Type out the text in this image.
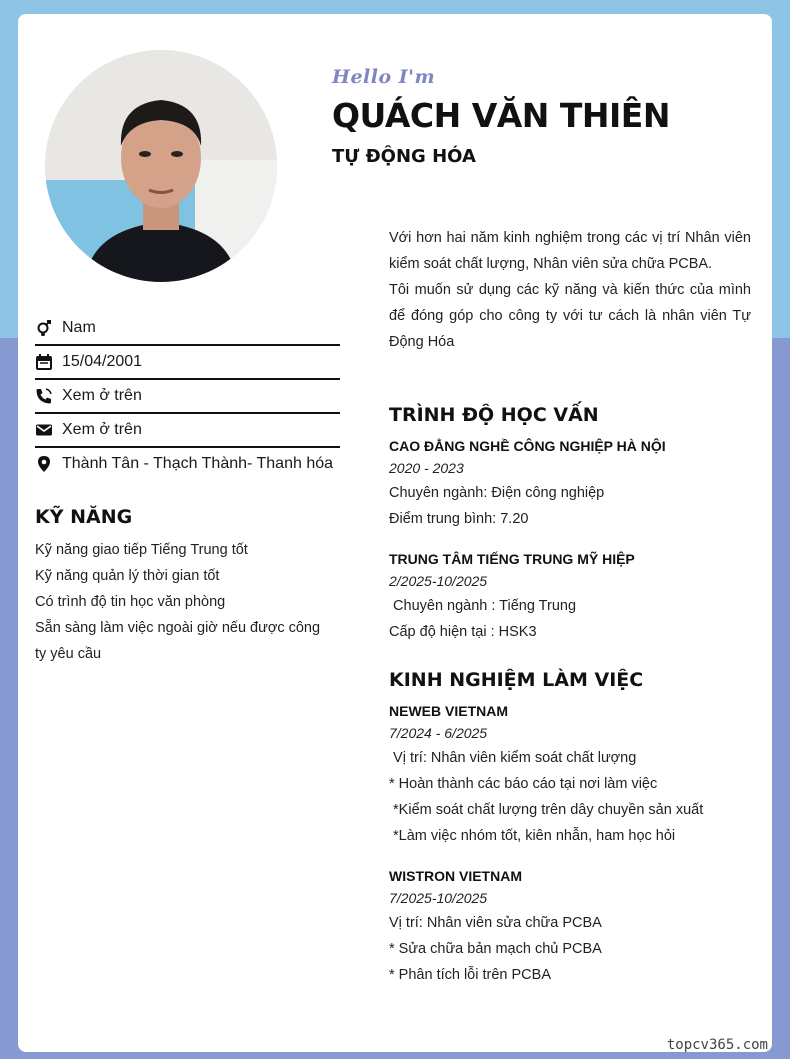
Hello I'm
QUÁCH VĂN THIÊN
TỰ ĐỘNG HÓA

Với hơn hai năm kinh nghiệm trong các vị trí Nhân viên kiểm soát chất lượng, Nhân viên sửa chữa PCBA.

Tôi muốn sử dụng các kỹ năng và kiến thức của mình để đóng góp cho công ty với tư cách là nhân viên Tự Động Hóa

Nam
15/04/2001
Xem ở trên
Xem ở trên
Thành Tân - Thạch Thành- Thanh hóa
KỸ NĂNG
Kỹ năng giao tiếp Tiếng Trung tốt
Kỹ năng quản lý thời gian tốt
Có trình độ tin học văn phòng
Sẵn sàng làm việc ngoài giờ nếu được công ty yêu cầu
TRÌNH ĐỘ HỌC VẤN
CAO ĐẲNG NGHỀ CÔNG NGHIỆP HÀ NỘI
2020 - 2023
Chuyên ngành: Điện công nghiệp
Điểm trung bình: 7.20
TRUNG TÂM TIẾNG TRUNG MỸ HIỆP
2/2025-10/2025
Chuyên ngành : Tiếng Trung
Cấp độ hiện tại : HSK3
KINH NGHIỆM LÀM VIỆC
NEWEB VIETNAM
7/2024 - 6/2025
Vị trí: Nhân viên kiểm soát chất lượng
* Hoàn thành các báo cáo tại nơi làm việc
*Kiểm soát chất lượng trên dây chuyền sản xuất
*Làm việc nhóm tốt, kiên nhẫn, ham học hỏi
WISTRON VIETNAM
7/2025-10/2025
Vị trí: Nhân viên sửa chữa PCBA
* Sửa chữa bản mạch chủ PCBA
* Phân tích lỗi trên PCBA
topcv365.com
